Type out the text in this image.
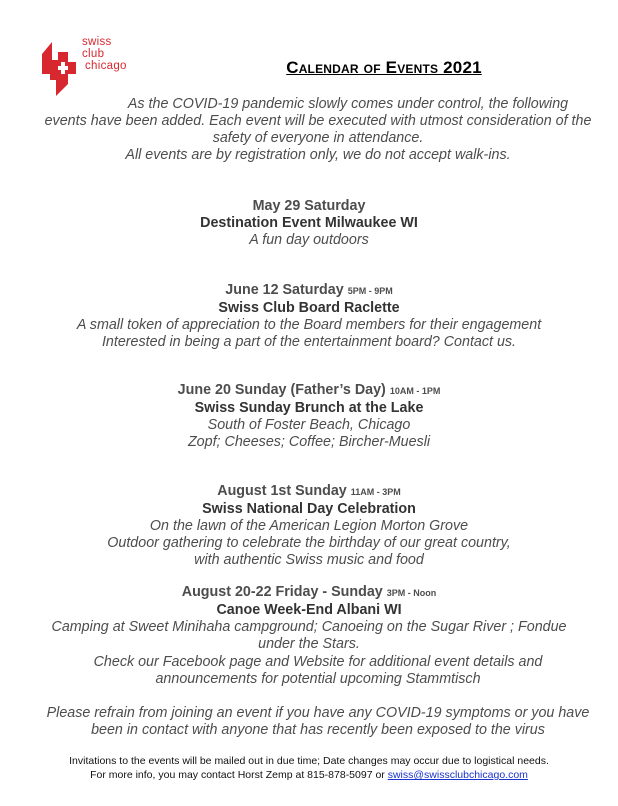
swiss club
chicago	Calendar of Events 2021

As the COVID-19 pandemic slowly comes under control, the following

events have been added. Each event will be executed with utmost consideration of the

safety of everyone in attendance.

All events are by registration only, we do not accept walk-ins.

May 29 Saturday
Destination Event Milwaukee WI
A fun day outdoors
June 12 Saturday 5PM - 9PM
Swiss Club Board Raclette
A small token of appreciation to the Board members for their engagement
Interested in being a part of the entertainment board? Contact us.
June 20 Sunday (Father’s Day) 10AM - 1PM
Swiss Sunday Brunch at the Lake
South of Foster Beach, Chicago
Zopf; Cheeses; Coffee; Bircher-Muesli
August 1st Sunday 11AM - 3PM
Swiss National Day Celebration
On the lawn of the American Legion Morton Grove
Outdoor gathering to celebrate the birthday of our great country,
with authentic Swiss music and food
August 20-22 Friday - Sunday 3PM - Noon
Canoe Week-End Albani WI
Camping at Sweet Minihaha campground; Canoeing on the Sugar River ; Fondue
under the Stars.
Check our Facebook page and Website for additional event details and
announcements for potential upcoming Stammtisch
Please refrain from joining an event if you have any COVID-19 symptoms or you have
been in contact with anyone that has recently been exposed to the virus
Invitations to the events will be mailed out in due time; Date changes may occur due to logistical needs.
For more info, you may contact Horst Zemp at 815-878-5097 or swiss@swissclubchicago.com
